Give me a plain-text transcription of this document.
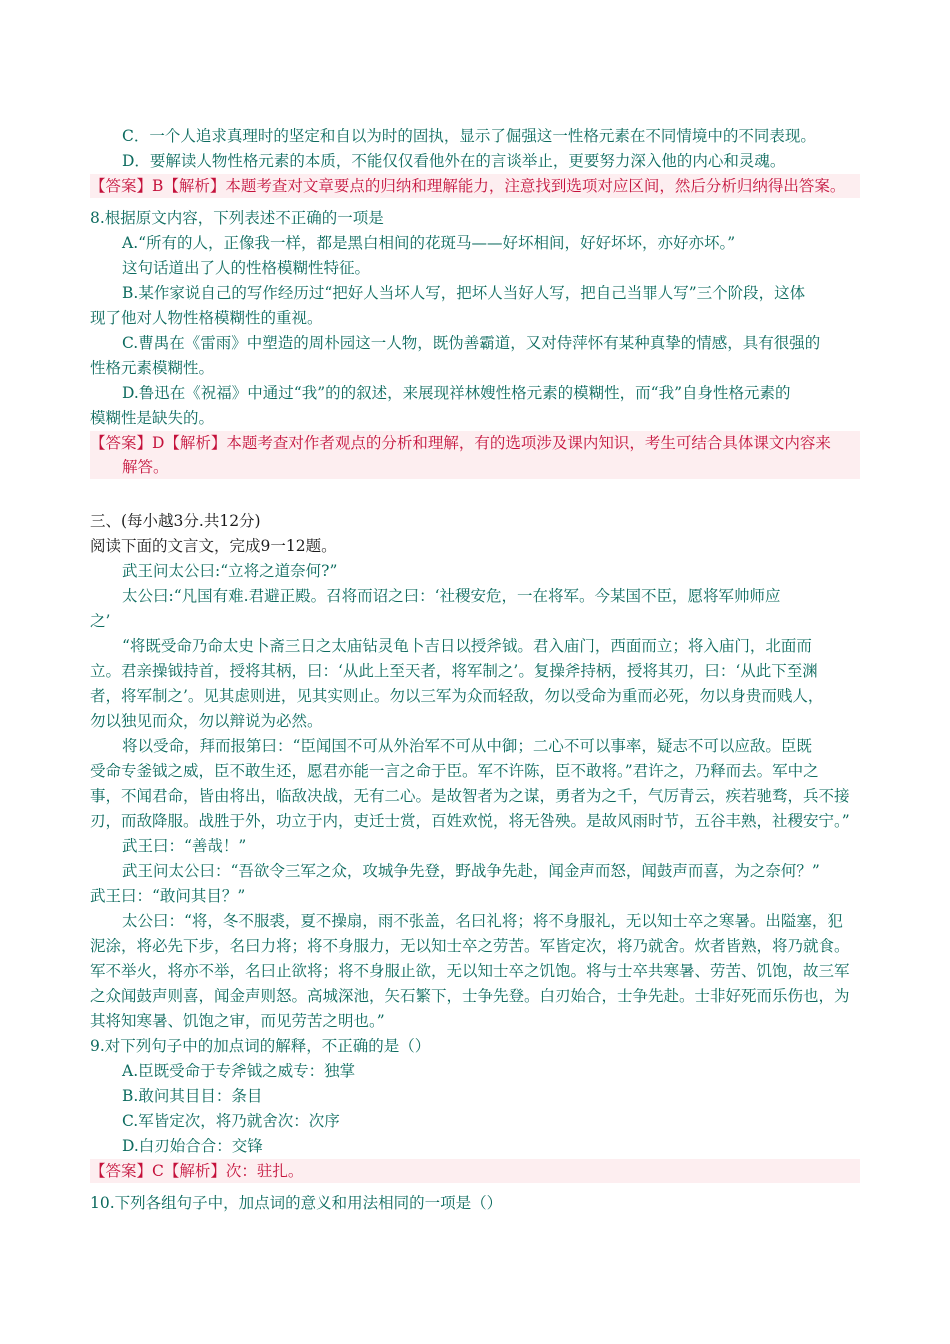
C．一个人追求真理时的坚定和自以为时的固执，显示了倔强这一性格元素在不同情境中的不同表现。
D．要解读人物性格元素的本质，不能仅仅看他外在的言谈举止，更要努力深入他的内心和灵魂。
【答案】B【解析】本题考查对文章要点的归纳和理解能力，注意找到选项对应区间，然后分析归纳得出答案。
8.根据原文内容，下列表述不正确的一项是
A.“所有的人，正像我一样，都是黑白相间的花斑马——好坏相间，好好坏坏，亦好亦坏。”
这句话道出了人的性格模糊性特征。
B.某作家说自己的写作经历过“把好人当坏人写，把坏人当好人写，把自己当罪人写”三个阶段，这体
现了他对人物性格模糊性的重视。
C.曹禺在《雷雨》中塑造的周朴园这一人物，既伪善霸道，又对侍萍怀有某种真挚的情感，具有很强的
性格元素模糊性。
D.鲁迅在《祝福》中通过“我”的的叙述，来展现祥林嫂性格元素的模糊性，而“我”自身性格元素的
模糊性是缺失的。
【答案】D【解析】本题考查对作者观点的分析和理解，有的选项涉及课内知识，考生可结合具体课文内容来
解答。
三、(每小越3分.共12分)
阅读下面的文言文，完成9一12题。
武王问太公曰:“立将之道奈何?”
太公曰:“凡国有难.君避正殿。召将而诏之曰：‘社稷安危，一在将军。今某国不臣，愿将军帅师应
之’
“将既受命乃命太史卜斋三日之太庙钻灵龟卜吉日以授斧钺。君入庙门，西面而立；将入庙门，北面而
立。君亲操钺持首，授将其柄，曰：‘从此上至天者，将军制之’。复操斧持柄，授将其刃，曰：‘从此下至渊
者，将军制之’。见其虑则进，见其实则止。勿以三军为众而轻敌，勿以受命为重而必死，勿以身贵而贱人，
勿以独见而众，勿以辩说为必然。
将以受命，拜而报第曰：“臣闻国不可从外治军不可从中御；二心不可以事率，疑志不可以应敌。臣既
受命专釜钺之威，臣不敢生还，愿君亦能一言之命于臣。军不许陈，臣不敢将。”君许之，乃释而去。军中之
事，不闻君命，皆由将出，临敌决战，无有二心。是故智者为之谋，勇者为之千，气厉青云，疾若驰骛，兵不接
刃，而敌降服。战胜于外，功立于内，吏迁士赏，百姓欢悦，将无咎殃。是故风雨时节，五谷丰熟，社稷安宁。”
武王曰：“善哉！”
武王问太公曰：“吾欲令三军之众，攻城争先登，野战争先赴，闻金声而怒，闻鼓声而喜，为之奈何？”
武王曰：“敢问其目？”
太公曰：“将，冬不服裘，夏不操扇，雨不张盖，名曰礼将；将不身服礼，无以知士卒之寒暑。出隘塞，犯
泥涂，将必先下步，名曰力将；将不身服力，无以知士卒之劳苦。军皆定次，将乃就舍。炊者皆熟，将乃就食。
军不举火，将亦不举，名曰止欲将；将不身服止欲，无以知士卒之饥饱。将与士卒共寒暑、劳苦、饥饱，故三军
之众闻鼓声则喜，闻金声则怒。高城深池，矢石繁下，士争先登。白刃始合，士争先赴。士非好死而乐伤也，为
其将知寒暑、饥饱之审，而见劳苦之明也。”
9.对下列句子中的加点词的解释，不正确的是（）
A.臣既受命于专斧钺之威专：独掌
B.敢问其目目：条目
C.军皆定次，将乃就舍次：次序
D.白刃始合合：交锋
【答案】C【解析】次：驻扎。
10.下列各组句子中，加点词的意义和用法相同的一项是（）
